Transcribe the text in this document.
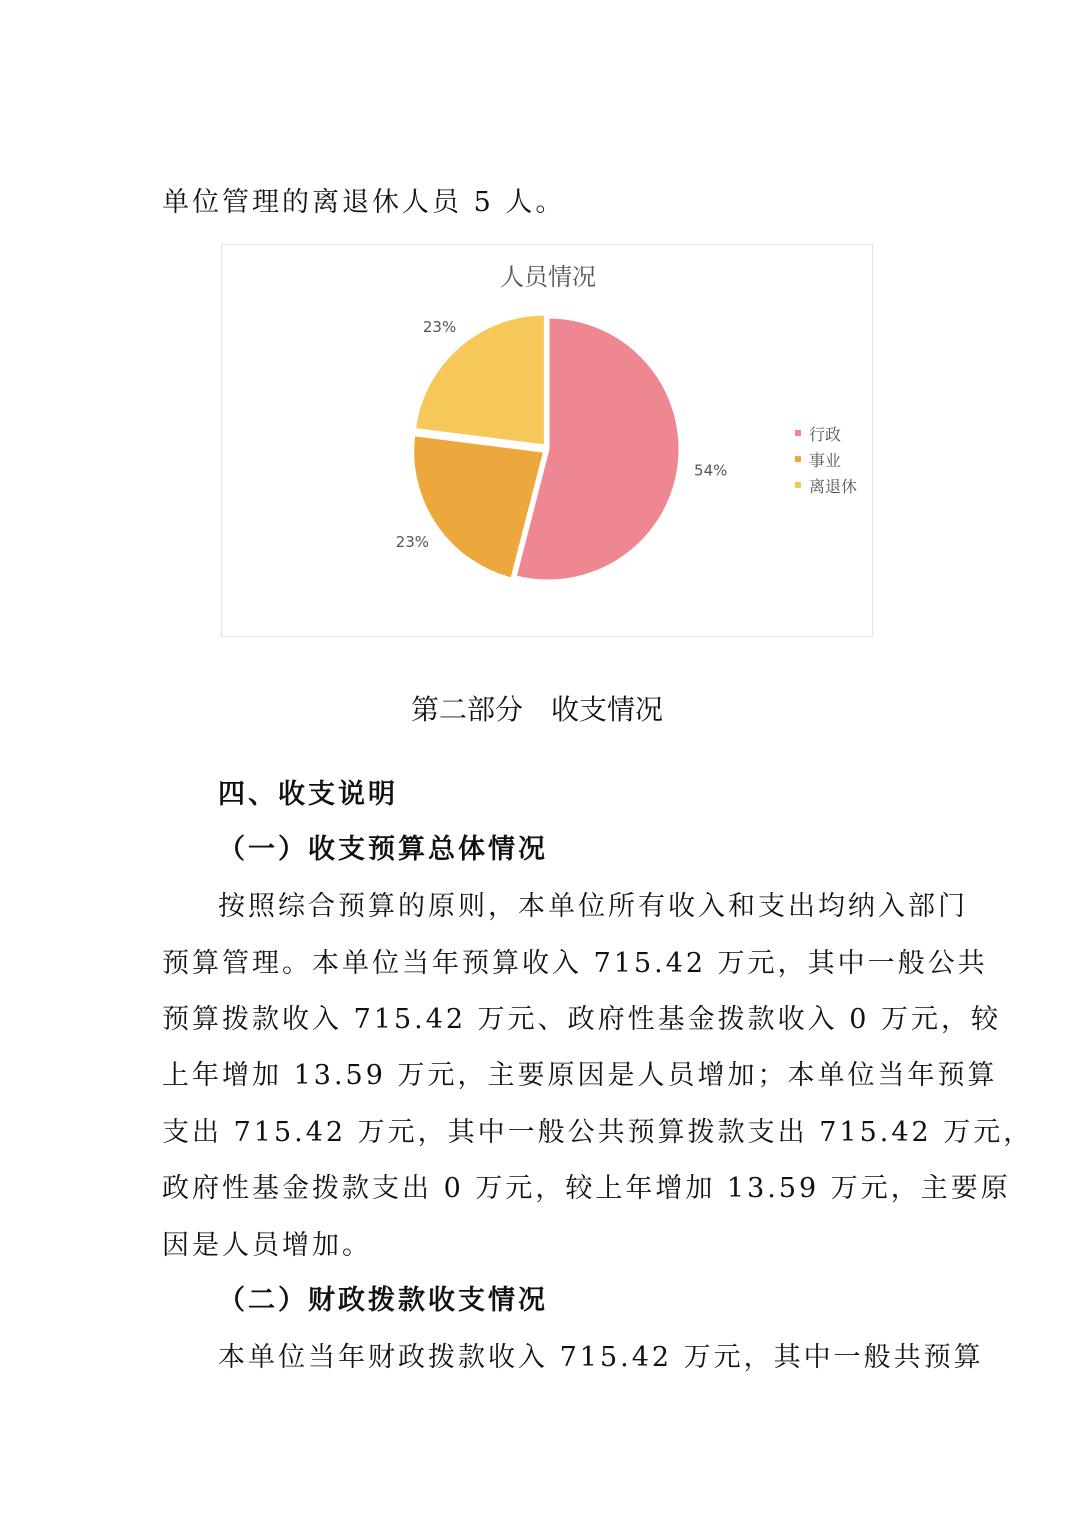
单位管理的离退休人员 5 人。
人员情况
54%
23%
23%
行政
事业
离退休
第二部分　收支情况
四、收支说明
（一）收支预算总体情况
按照综合预算的原则，本单位所有收入和支出均纳入部门
预算管理。本单位当年预算收入 715.42 万元，其中一般公共
预算拨款收入 715.42 万元、政府性基金拨款收入 0 万元，较
上年增加 13.59 万元，主要原因是人员增加；本单位当年预算
支出 715.42 万元，其中一般公共预算拨款支出 715.42 万元，
政府性基金拨款支出 0 万元，较上年增加 13.59 万元，主要原
因是人员增加。
（二）财政拨款收支情况
本单位当年财政拨款收入 715.42 万元，其中一般共预算
